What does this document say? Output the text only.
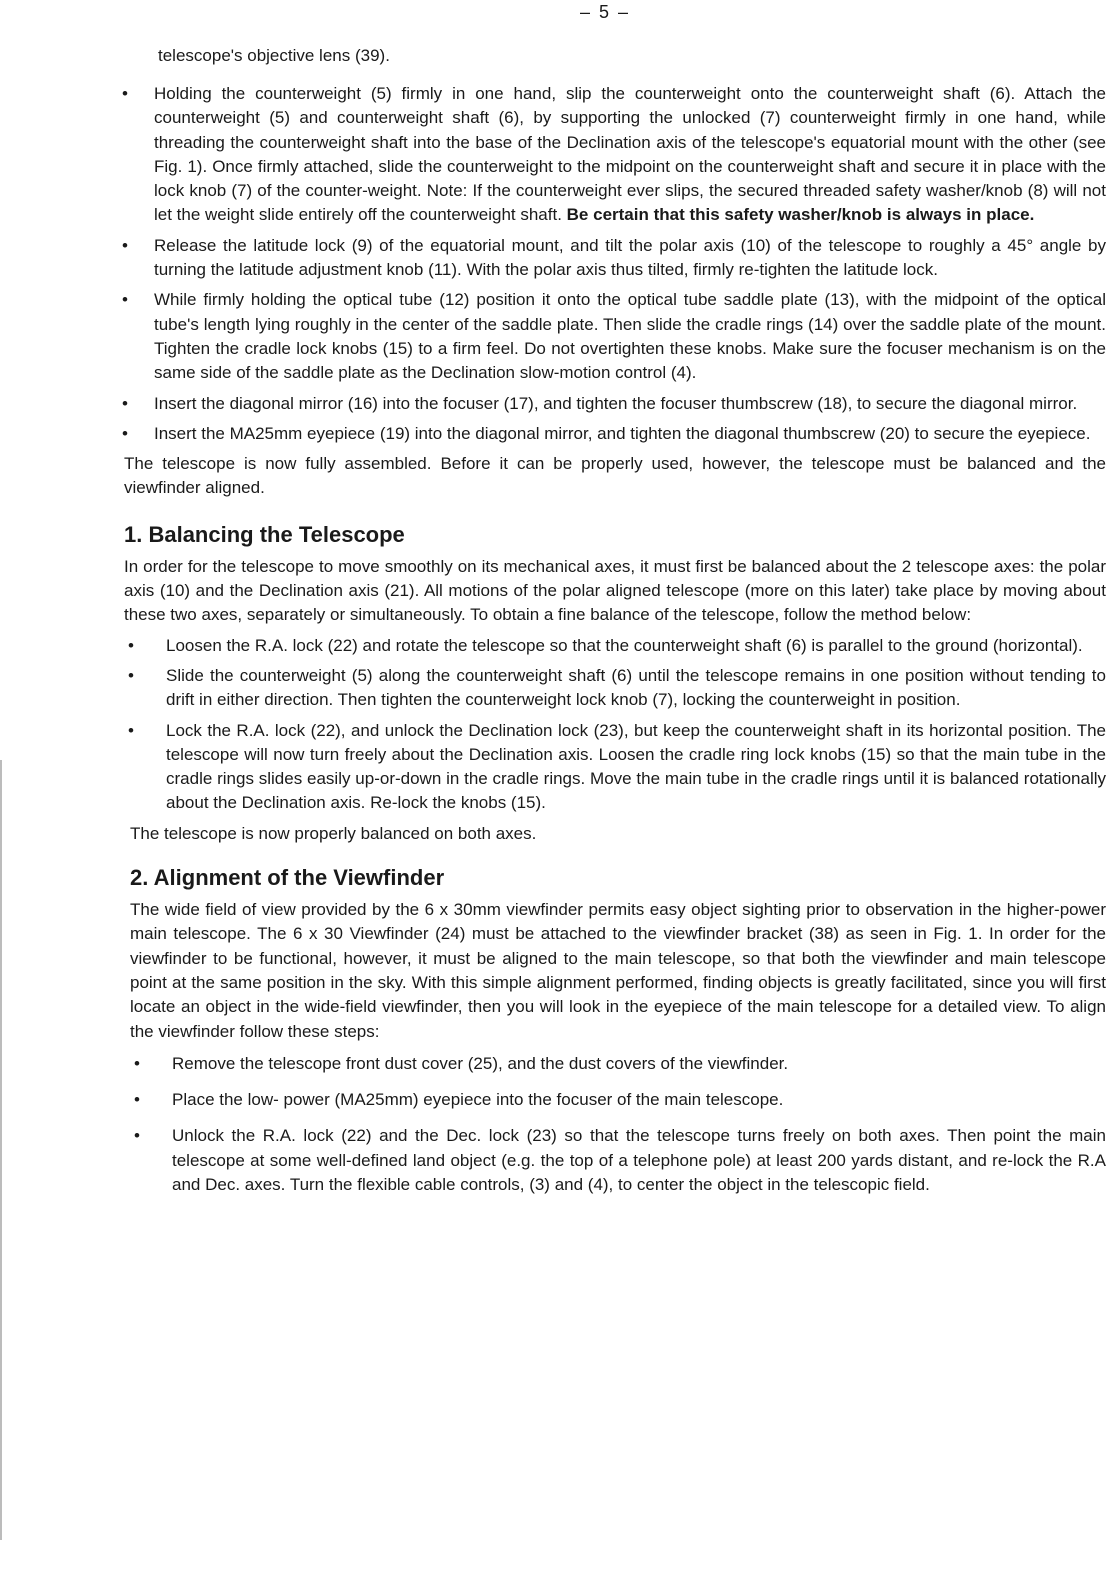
– 5 –
telescope's objective lens (39).
• Holding the counterweight (5) firmly in one hand, slip the counterweight onto the counterweight shaft (6). Attach the counterweight (5) and counterweight shaft (6), by supporting the unlocked (7) counterweight firmly in one hand, while threading the counterweight shaft into the base of the Declination axis of the telescope's equatorial mount with the other (see Fig. 1). Once firmly attached, slide the counterweight to the midpoint on the counterweight shaft and secure it in place with the lock knob (7) of the counter-weight. Note: If the counterweight ever slips, the secured threaded safety washer/knob (8) will not let the weight slide entirely off the counterweight shaft. Be certain that this safety washer/knob is always in place.
• Release the latitude lock (9) of the equatorial mount, and tilt the polar axis (10) of the telescope to roughly a 45° angle by turning the latitude adjustment knob (11). With the polar axis thus tilted, firmly re-tighten the latitude lock.
• While firmly holding the optical tube (12) position it onto the optical tube saddle plate (13), with the midpoint of the optical tube's length lying roughly in the center of the saddle plate. Then slide the cradle rings (14) over the saddle plate of the mount. Tighten the cradle lock knobs (15) to a firm feel. Do not overtighten these knobs. Make sure the focuser mechanism is on the same side of the saddle plate as the Declination slow-motion control (4).
• Insert the diagonal mirror (16) into the focuser (17), and tighten the focuser thumbscrew (18), to secure the diagonal mirror.
• Insert the MA25mm eyepiece (19) into the diagonal mirror, and tighten the diagonal thumbscrew (20) to secure the eyepiece.

The telescope is now fully assembled. Before it can be properly used, however, the telescope must be balanced and the viewfinder aligned.

1. Balancing the Telescope

In order for the telescope to move smoothly on its mechanical axes, it must first be balanced about the 2 telescope axes: the polar axis (10) and the Declination axis (21). All motions of the polar aligned telescope (more on this later) take place by moving about these two axes, separately or simultaneously. To obtain a fine balance of the telescope, follow the method below:

• Loosen the R.A. lock (22) and rotate the telescope so that the counterweight shaft (6) is parallel to the ground (horizontal).
• Slide the counterweight (5) along the counterweight shaft (6) until the telescope remains in one position without tending to drift in either direction. Then tighten the counterweight lock knob (7), locking the counterweight in position.
• Lock the R.A. lock (22), and unlock the Declination lock (23), but keep the counterweight shaft in its horizontal position. The telescope will now turn freely about the Declination axis. Loosen the cradle ring lock knobs (15) so that the main tube in the cradle rings slides easily up-or-down in the cradle rings. Move the main tube in the cradle rings until it is balanced rotationally about the Declination axis. Re-lock the knobs (15).

The telescope is now properly balanced on both axes.

2. Alignment of the Viewfinder

The wide field of view provided by the 6 x 30mm viewfinder permits easy object sighting prior to observation in the higher-power main telescope. The 6 x 30 Viewfinder (24) must be attached to the viewfinder bracket (38) as seen in Fig. 1. In order for the viewfinder to be functional, however, it must be aligned to the main telescope, so that both the viewfinder and main telescope point at the same position in the sky. With this simple alignment performed, finding objects is greatly facilitated, since you will first locate an object in the wide-field viewfinder, then you will look in the eyepiece of the main telescope for a detailed view. To align the viewfinder follow these steps:

• Remove the telescope front dust cover (25), and the dust covers of the viewfinder.
• Place the low- power (MA25mm) eyepiece into the focuser of the main telescope.
• Unlock the R.A. lock (22) and the Dec. lock (23) so that the telescope turns freely on both axes. Then point the main telescope at some well-defined land object (e.g. the top of a telephone pole) at least 200 yards distant, and re-lock the R.A and Dec. axes. Turn the flexible cable controls, (3) and (4), to center the object in the telescopic field.
